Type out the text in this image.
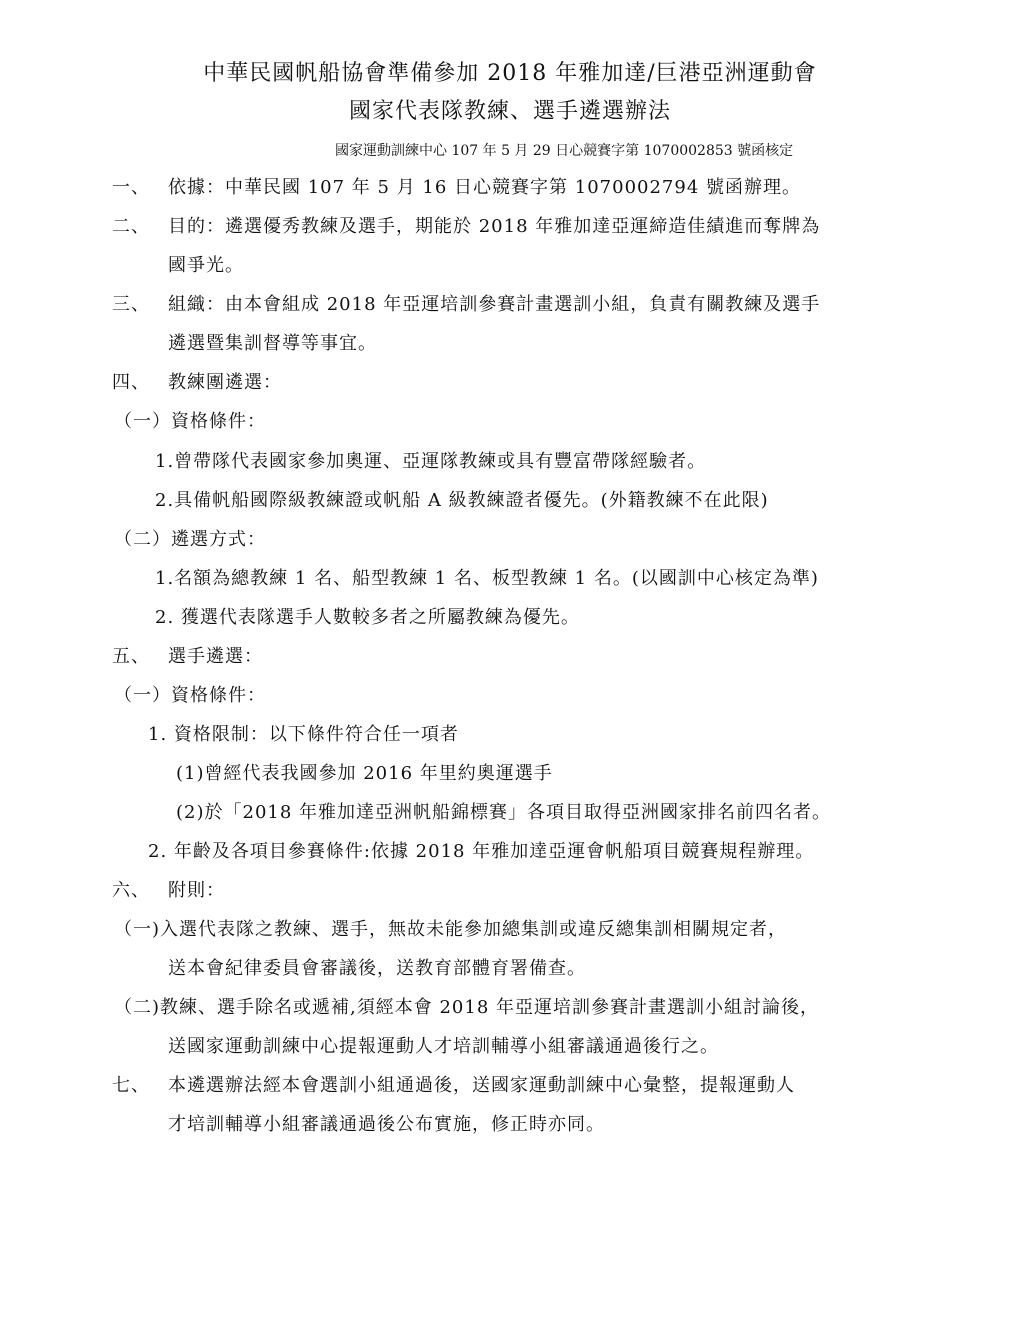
中華民國帆船協會準備參加 2018 年雅加達/巨港亞洲運動會
國家代表隊教練、選手遴選辦法
國家運動訓練中心 107 年 5 月 29 日心競賽字第 1070002853 號函核定
一、 依據：中華民國 107 年 5 月 16 日心競賽字第 1070002794 號函辦理。
二、 目的：遴選優秀教練及選手，期能於 2018 年雅加達亞運締造佳績進而奪牌為
國爭光。
三、 組織：由本會組成 2018 年亞運培訓參賽計畫選訓小組，負責有關教練及選手
遴選暨集訓督導等事宜。
四、 教練團遴選：
（一）資格條件：
1.曾帶隊代表國家參加奧運、亞運隊教練或具有豐富帶隊經驗者。
2.具備帆船國際級教練證或帆船 A 級教練證者優先。(外籍教練不在此限)
（二）遴選方式：
1.名額為總教練 1 名、船型教練 1 名、板型教練 1 名。(以國訓中心核定為準)
2. 獲選代表隊選手人數較多者之所屬教練為優先。
五、 選手遴選：
（一）資格條件：
1. 資格限制：以下條件符合任一項者
(1)曾經代表我國參加 2016 年里約奧運選手
(2)於「2018 年雅加達亞洲帆船錦標賽」各項目取得亞洲國家排名前四名者。
2. 年齡及各項目參賽條件:依據 2018 年雅加達亞運會帆船項目競賽規程辦理。
六、 附則：
（一)入選代表隊之教練、選手，無故未能參加總集訓或違反總集訓相關規定者，
送本會紀律委員會審議後，送教育部體育署備查。
（二)教練、選手除名或遞補,須經本會 2018 年亞運培訓參賽計畫選訓小組討論後，
送國家運動訓練中心提報運動人才培訓輔導小組審議通過後行之。
七、 本遴選辦法經本會選訓小組通過後，送國家運動訓練中心彙整，提報運動人
才培訓輔導小組審議通過後公布實施，修正時亦同。
